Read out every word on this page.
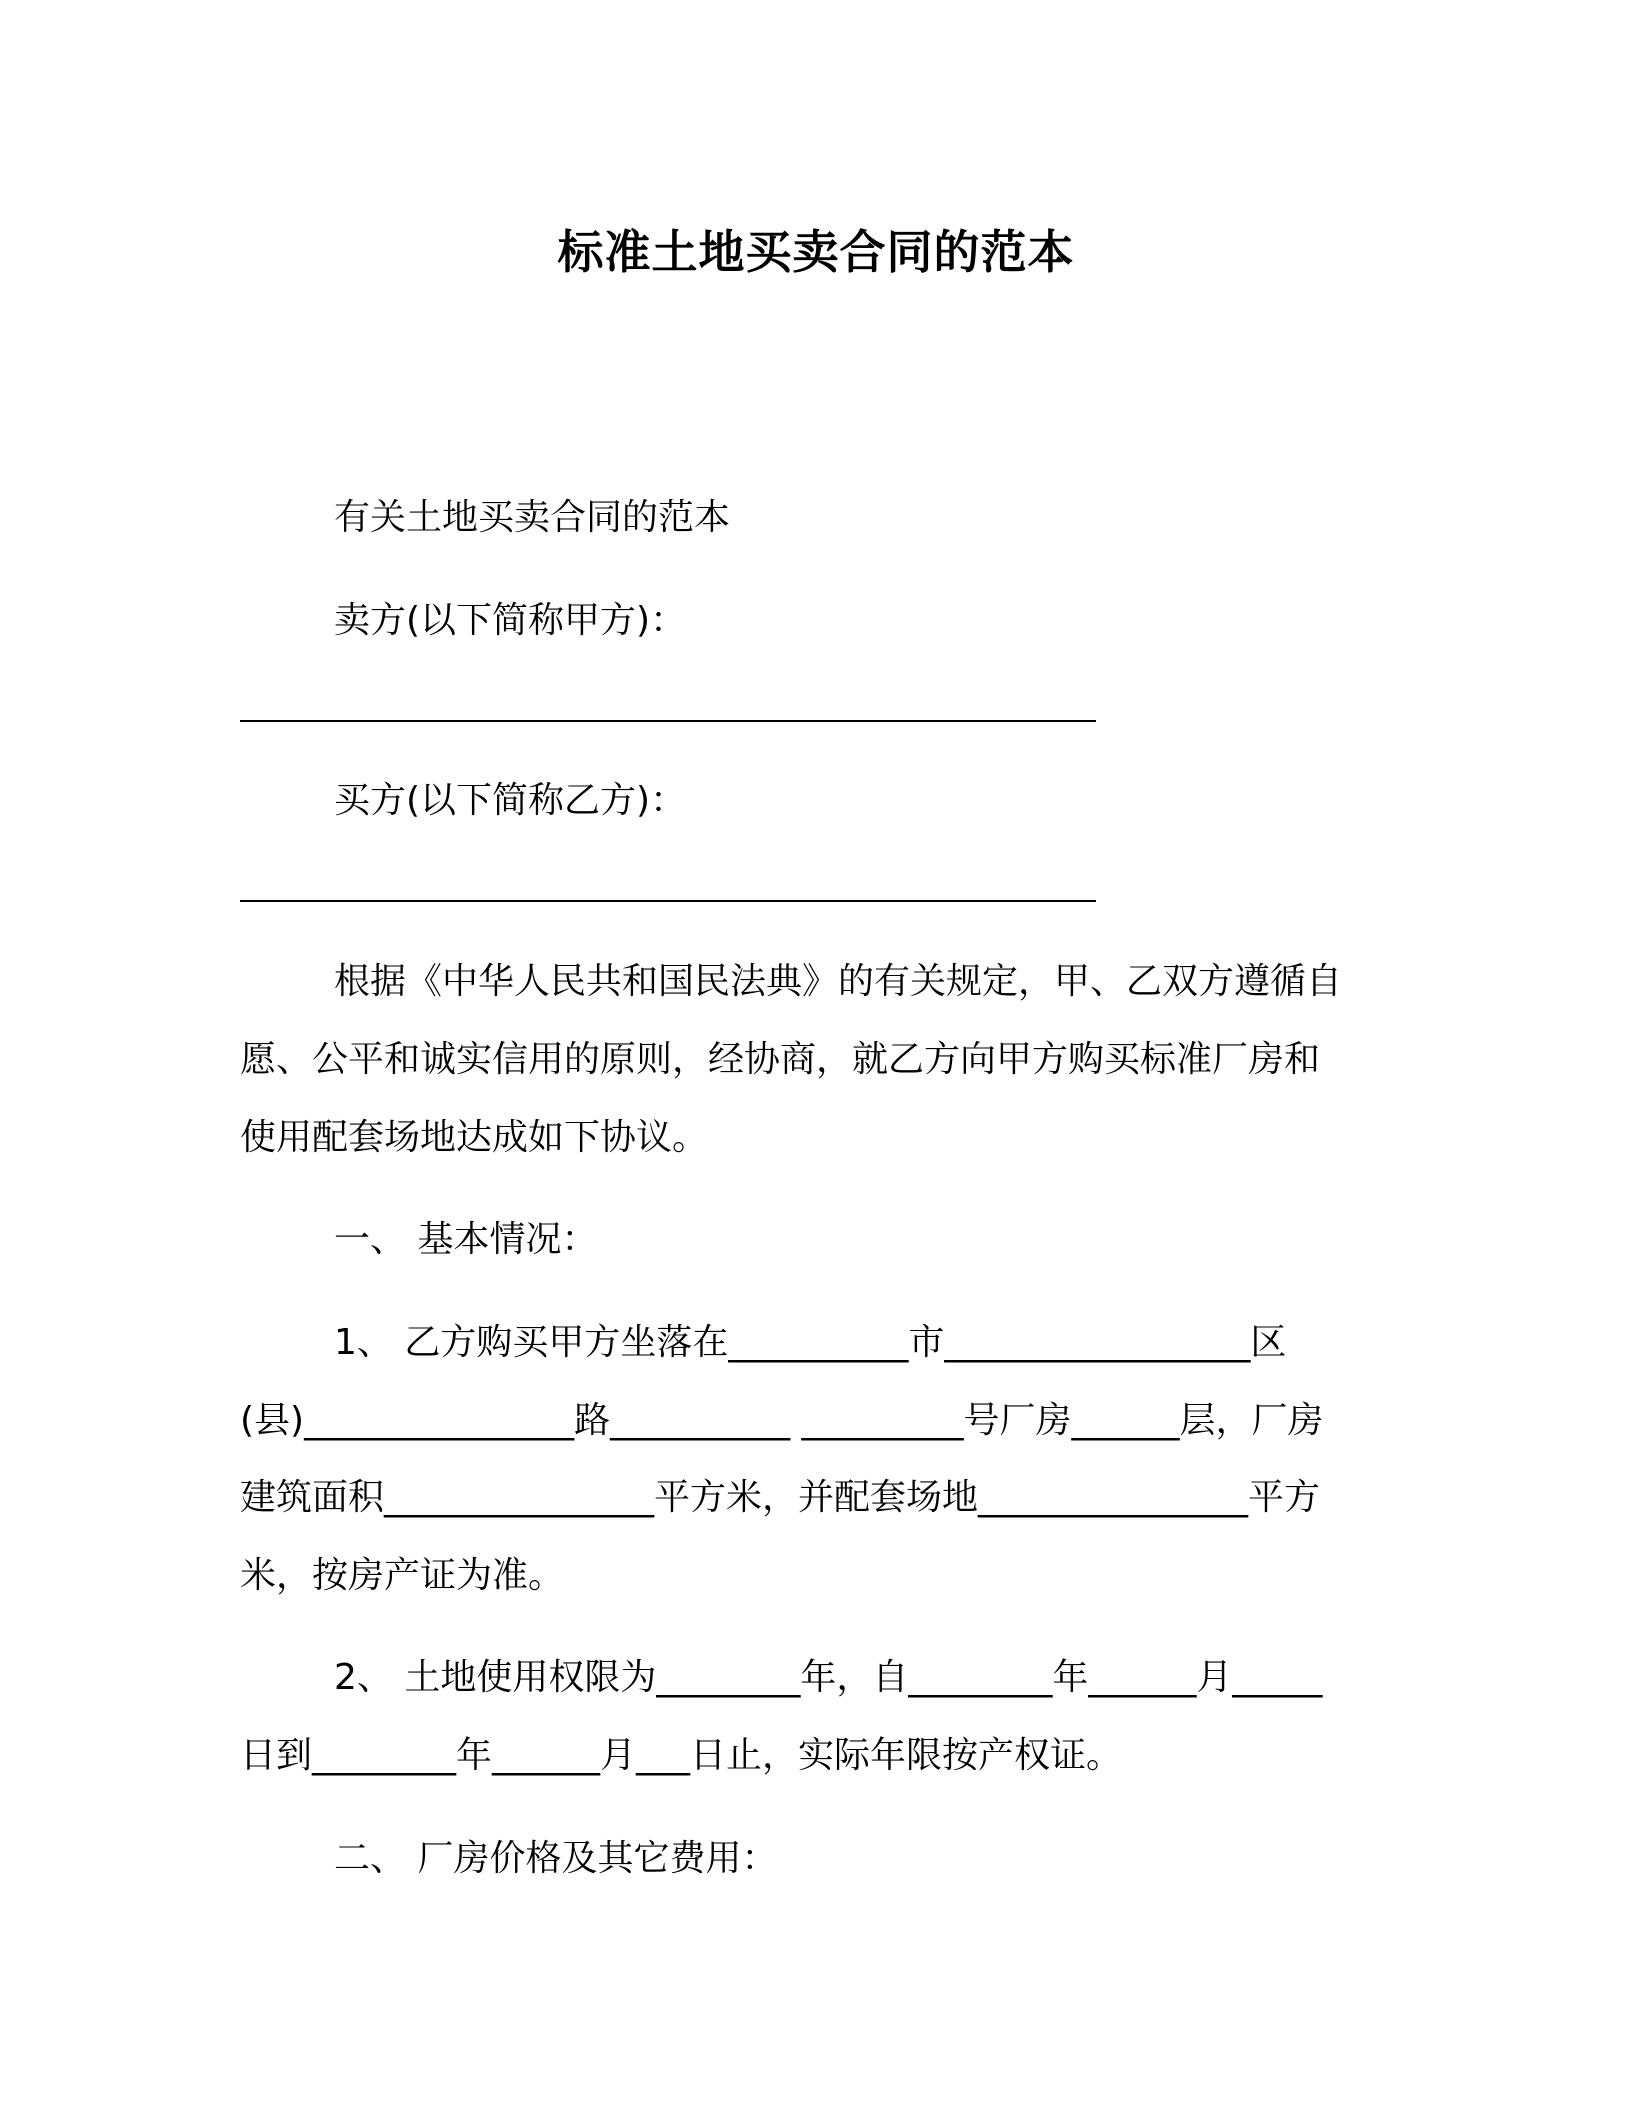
标准土地买卖合同的范本
有关土地买卖合同的范本
卖方(以下简称甲方)：
买方(以下简称乙方)：
根据《中华人民共和国民法典》的有关规定，甲、乙双方遵循自
愿、公平和诚实信用的原则，经协商，就乙方向甲方购买标准厂房和
使用配套场地达成如下协议。
一、 基本情况：
1、 乙方购买甲方坐落在__________市_________________区
(县)_______________路__________ _________号厂房______层，厂房
建筑面积_______________平方米，并配套场地_______________平方
米，按房产证为准。
2、 土地使用权限为________年，自________年______月_____
日到________年______月___日止，实际年限按产权证。
二、 厂房价格及其它费用：
